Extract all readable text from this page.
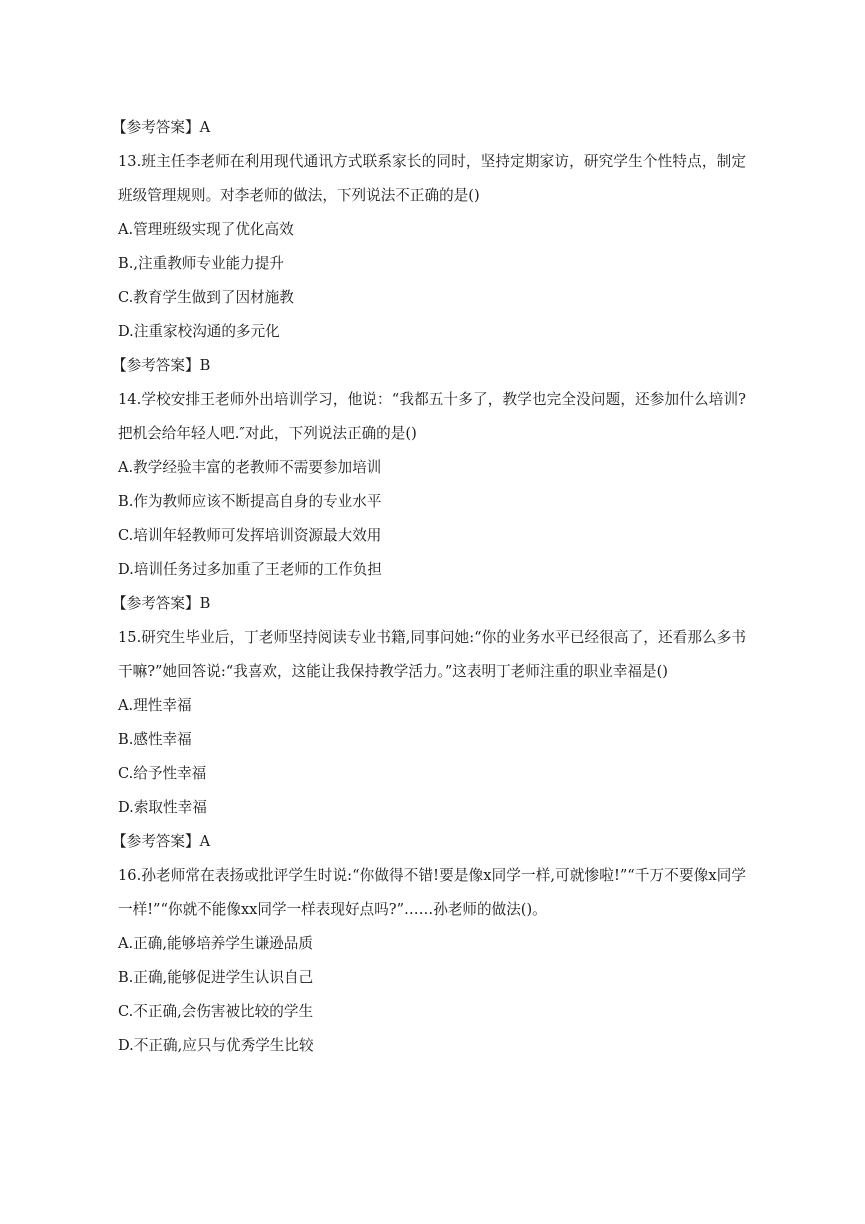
【参考答案】A

13.班主任李老师在利用现代通讯方式联系家长的同时，坚持定期家访，研究学生个性特点，制定班级管理规则。对李老师的做法，下列说法不正确的是()

A.管理班级实现了优化高效

B.,注重教师专业能力提升

C.教育学生做到了因材施教

D.注重家校沟通的多元化

【参考答案】B

14.学校安排王老师外出培训学习，他说：“我都五十多了，教学也完全没问题，还参加什么培训?把机会给年轻人吧.″对此，下列说法正确的是()

A.教学经验丰富的老教师不需要参加培训

B.作为教师应该不断提高自身的专业水平

C.培训年轻教师可发挥培训资源最大效用

D.培训任务过多加重了王老师的工作负担

【参考答案】B

15.研究生毕业后，丁老师坚持阅读专业书籍,同事问她:“你的业务水平已经很高了，还看那么多书干嘛?”她回答说:“我喜欢，这能让我保持教学活力。”这表明丁老师注重的职业幸福是()

A.理性幸福

B.感性幸福

C.给予性幸福

D.索取性幸福

【参考答案】A

16.孙老师常在表扬或批评学生时说:“你做得不错!要是像x同学一样,可就惨啦!”“千万不要像x同学一样!”“你就不能像xx同学一样表现好点吗?”……孙老师的做法()。

A.正确,能够培养学生谦逊品质

B.正确,能够促进学生认识自己

C.不正确,会伤害被比较的学生

D.不正确,应只与优秀学生比较
